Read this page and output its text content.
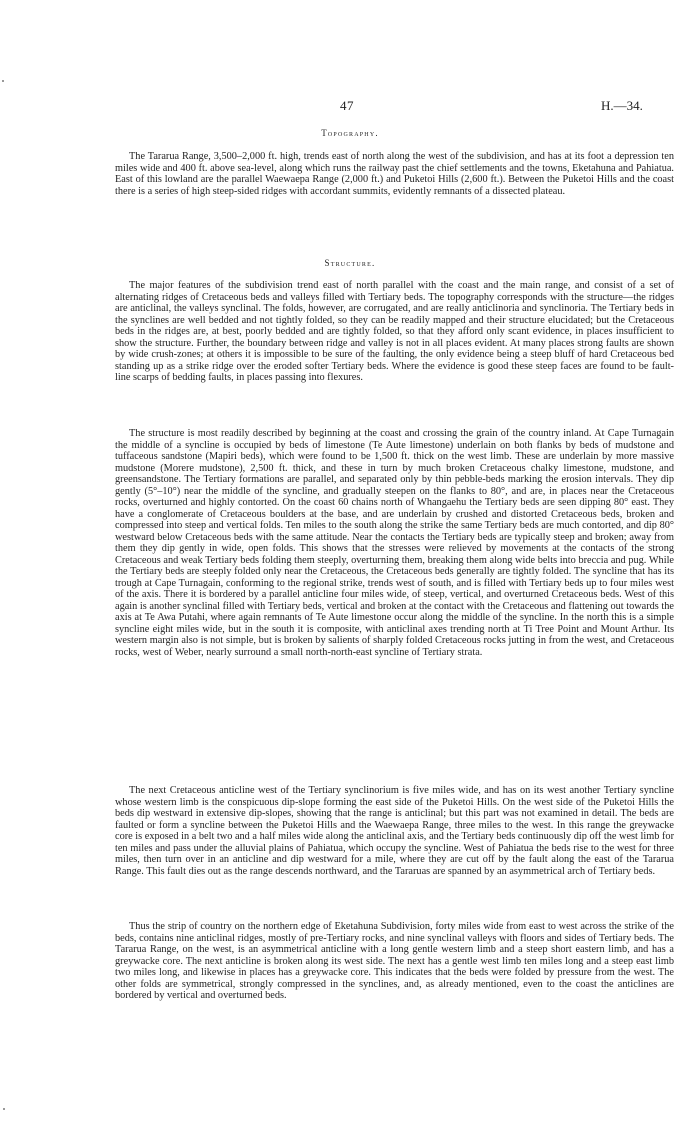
47	H.—34.
Topography.

The Tararua Range, 3,500–2,000 ft. high, trends east of north along the west of the subdivision, and has at its foot a depression ten miles wide and 400 ft. above sea-level, along which runs the railway past the chief settlements and the towns, Eketahuna and Pahiatua. East of this lowland are the parallel Waewaepa Range (2,000 ft.) and Puketoi Hills (2,600 ft.). Between the Puketoi Hills and the coast there is a series of high steep-sided ridges with accordant summits, evidently remnants of a dissected plateau.

Structure.

The major features of the subdivision trend east of north parallel with the coast and the main range, and consist of a set of alternating ridges of Cretaceous beds and valleys filled with Tertiary beds. The topography corresponds with the structure—the ridges are anticlinal, the valleys synclinal. The folds, however, are corrugated, and are really anticlinoria and synclinoria. The Tertiary beds in the synclines are well bedded and not tightly folded, so they can be readily mapped and their structure elucidated; but the Cretaceous beds in the ridges are, at best, poorly bedded and are tightly folded, so that they afford only scant evidence, in places insufficient to show the structure. Further, the boundary between ridge and valley is not in all places evident. At many places strong faults are shown by wide crush-zones; at others it is impossible to be sure of the faulting, the only evidence being a steep bluff of hard Cretaceous bed standing up as a strike ridge over the eroded softer Tertiary beds. Where the evidence is good these steep faces are found to be fault-line scarps of bedding faults, in places passing into flexures.

The structure is most readily described by beginning at the coast and crossing the grain of the country inland. At Cape Turnagain the middle of a syncline is occupied by beds of limestone (Te Aute limestone) underlain on both flanks by beds of mudstone and tuffaceous sandstone (Mapiri beds), which were found to be 1,500 ft. thick on the west limb. These are underlain by more massive mudstone (Morere mudstone), 2,500 ft. thick, and these in turn by much broken Cretaceous chalky limestone, mudstone, and greensandstone. The Tertiary formations are parallel, and separated only by thin pebble-beds marking the erosion intervals. They dip gently (5°–10°) near the middle of the syncline, and gradually steepen on the flanks to 80°, and are, in places near the Cretaceous rocks, overturned and highly contorted. On the coast 60 chains north of Whangaehu the Tertiary beds are seen dipping 80° east. They have a conglomerate of Cretaceous boulders at the base, and are underlain by crushed and distorted Cretaceous beds, broken and compressed into steep and vertical folds. Ten miles to the south along the strike the same Tertiary beds are much contorted, and dip 80° westward below Cretaceous beds with the same attitude. Near the contacts the Tertiary beds are typically steep and broken; away from them they dip gently in wide, open folds. This shows that the stresses were relieved by movements at the contacts of the strong Cretaceous and weak Tertiary beds folding them steeply, overturning them, breaking them along wide belts into breccia and pug. While the Tertiary beds are steeply folded only near the Cretaceous, the Cretaceous beds generally are tightly folded. The syncline that has its trough at Cape Turnagain, conforming to the regional strike, trends west of south, and is filled with Tertiary beds up to four miles west of the axis. There it is bordered by a parallel anticline four miles wide, of steep, vertical, and overturned Cretaceous beds. West of this again is another synclinal filled with Tertiary beds, vertical and broken at the contact with the Cretaceous and flattening out towards the axis at Te Awa Putahi, where again remnants of Te Aute limestone occur along the middle of the syncline. In the north this is a simple syncline eight miles wide, but in the south it is composite, with anticlinal axes trending north at Ti Tree Point and Mount Arthur. Its western margin also is not simple, but is broken by salients of sharply folded Cretaceous rocks jutting in from the west, and Cretaceous rocks, west of Weber, nearly surround a small north-north-east syncline of Tertiary strata.

The next Cretaceous anticline west of the Tertiary synclinorium is five miles wide, and has on its west another Tertiary syncline whose western limb is the conspicuous dip-slope forming the east side of the Puketoi Hills. On the west side of the Puketoi Hills the beds dip westward in extensive dip-slopes, showing that the range is anticlinal; but this part was not examined in detail. The beds are faulted or form a syncline between the Puketoi Hills and the Waewaepa Range, three miles to the west. In this range the greywacke core is exposed in a belt two and a half miles wide along the anticlinal axis, and the Tertiary beds continuously dip off the west limb for ten miles and pass under the alluvial plains of Pahiatua, which occupy the syncline. West of Pahiatua the beds rise to the west for three miles, then turn over in an anticline and dip westward for a mile, where they are cut off by the fault along the east of the Tararua Range. This fault dies out as the range descends northward, and the Tararuas are spanned by an asymmetrical arch of Tertiary beds.

Thus the strip of country on the northern edge of Eketahuna Subdivision, forty miles wide from east to west across the strike of the beds, contains nine anticlinal ridges, mostly of pre-Tertiary rocks, and nine synclinal valleys with floors and sides of Tertiary beds. The Tararua Range, on the west, is an asymmetrical anticline with a long gentle western limb and a steep short eastern limb, and has a greywacke core. The next anticline is broken along its west side. The next has a gentle west limb ten miles long and a steep east limb two miles long, and likewise in places has a greywacke core. This indicates that the beds were folded by pressure from the west. The other folds are symmetrical, strongly compressed in the synclines, and, as already mentioned, even to the coast the anticlines are bordered by vertical and overturned beds.
